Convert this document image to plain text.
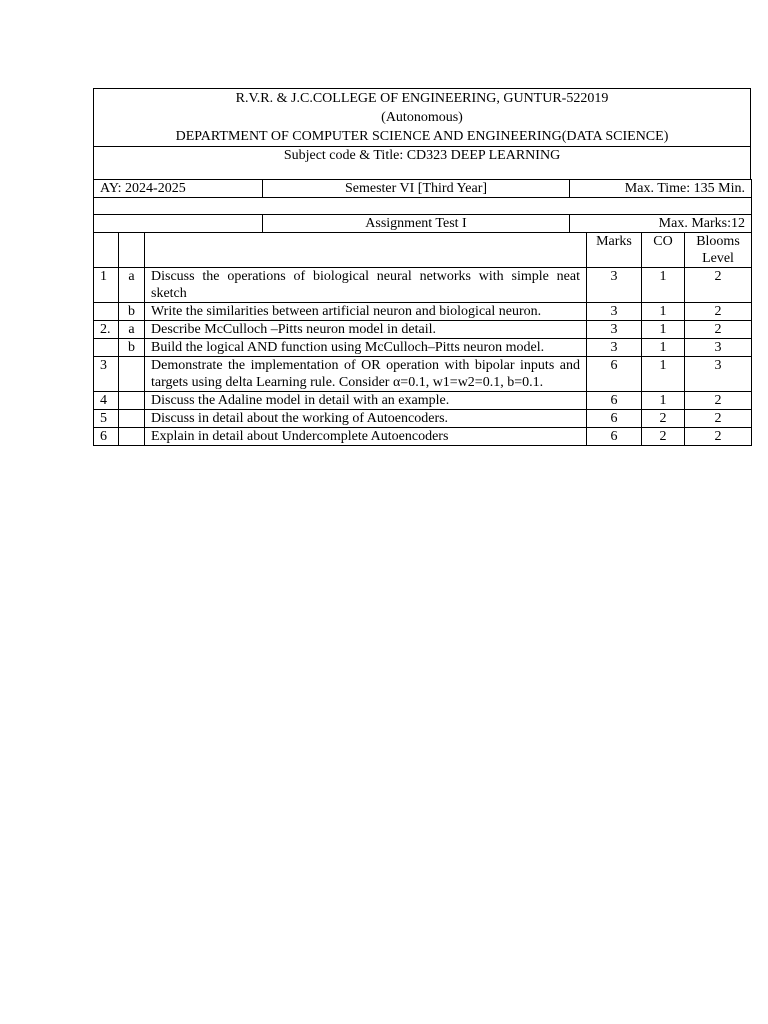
R.V.R. & J.C.COLLEGE OF ENGINEERING, GUNTUR-522019
(Autonomous)
DEPARTMENT OF COMPUTER SCIENCE AND ENGINEERING(DATA SCIENCE)
Subject code & Title: CD323 DEEP LEARNING
AY: 2024-2025	Semester VI [Third Year]	Max. Time: 135 Min.

	Assignment Test I	Max. Marks:12
			Marks	CO	Blooms Level
1	a	Discuss the operations of biological neural networks with simple neat sketch	3	1	2
	b	Write the similarities between artificial neuron and biological neuron.	3	1	2
2.	a	Describe McCulloch –Pitts neuron model in detail.	3	1	2
	b	Build the logical AND function using McCulloch–Pitts neuron model.	3	1	3
3		Demonstrate the implementation of OR operation with bipolar inputs and targets using delta Learning rule. Consider α=0.1, w1=w2=0.1, b=0.1.	6	1	3
4		Discuss the Adaline model in detail with an example.	6	1	2
5		Discuss in detail about the working of Autoencoders.	6	2	2
6		Explain in detail about Undercomplete Autoencoders	6	2	2
